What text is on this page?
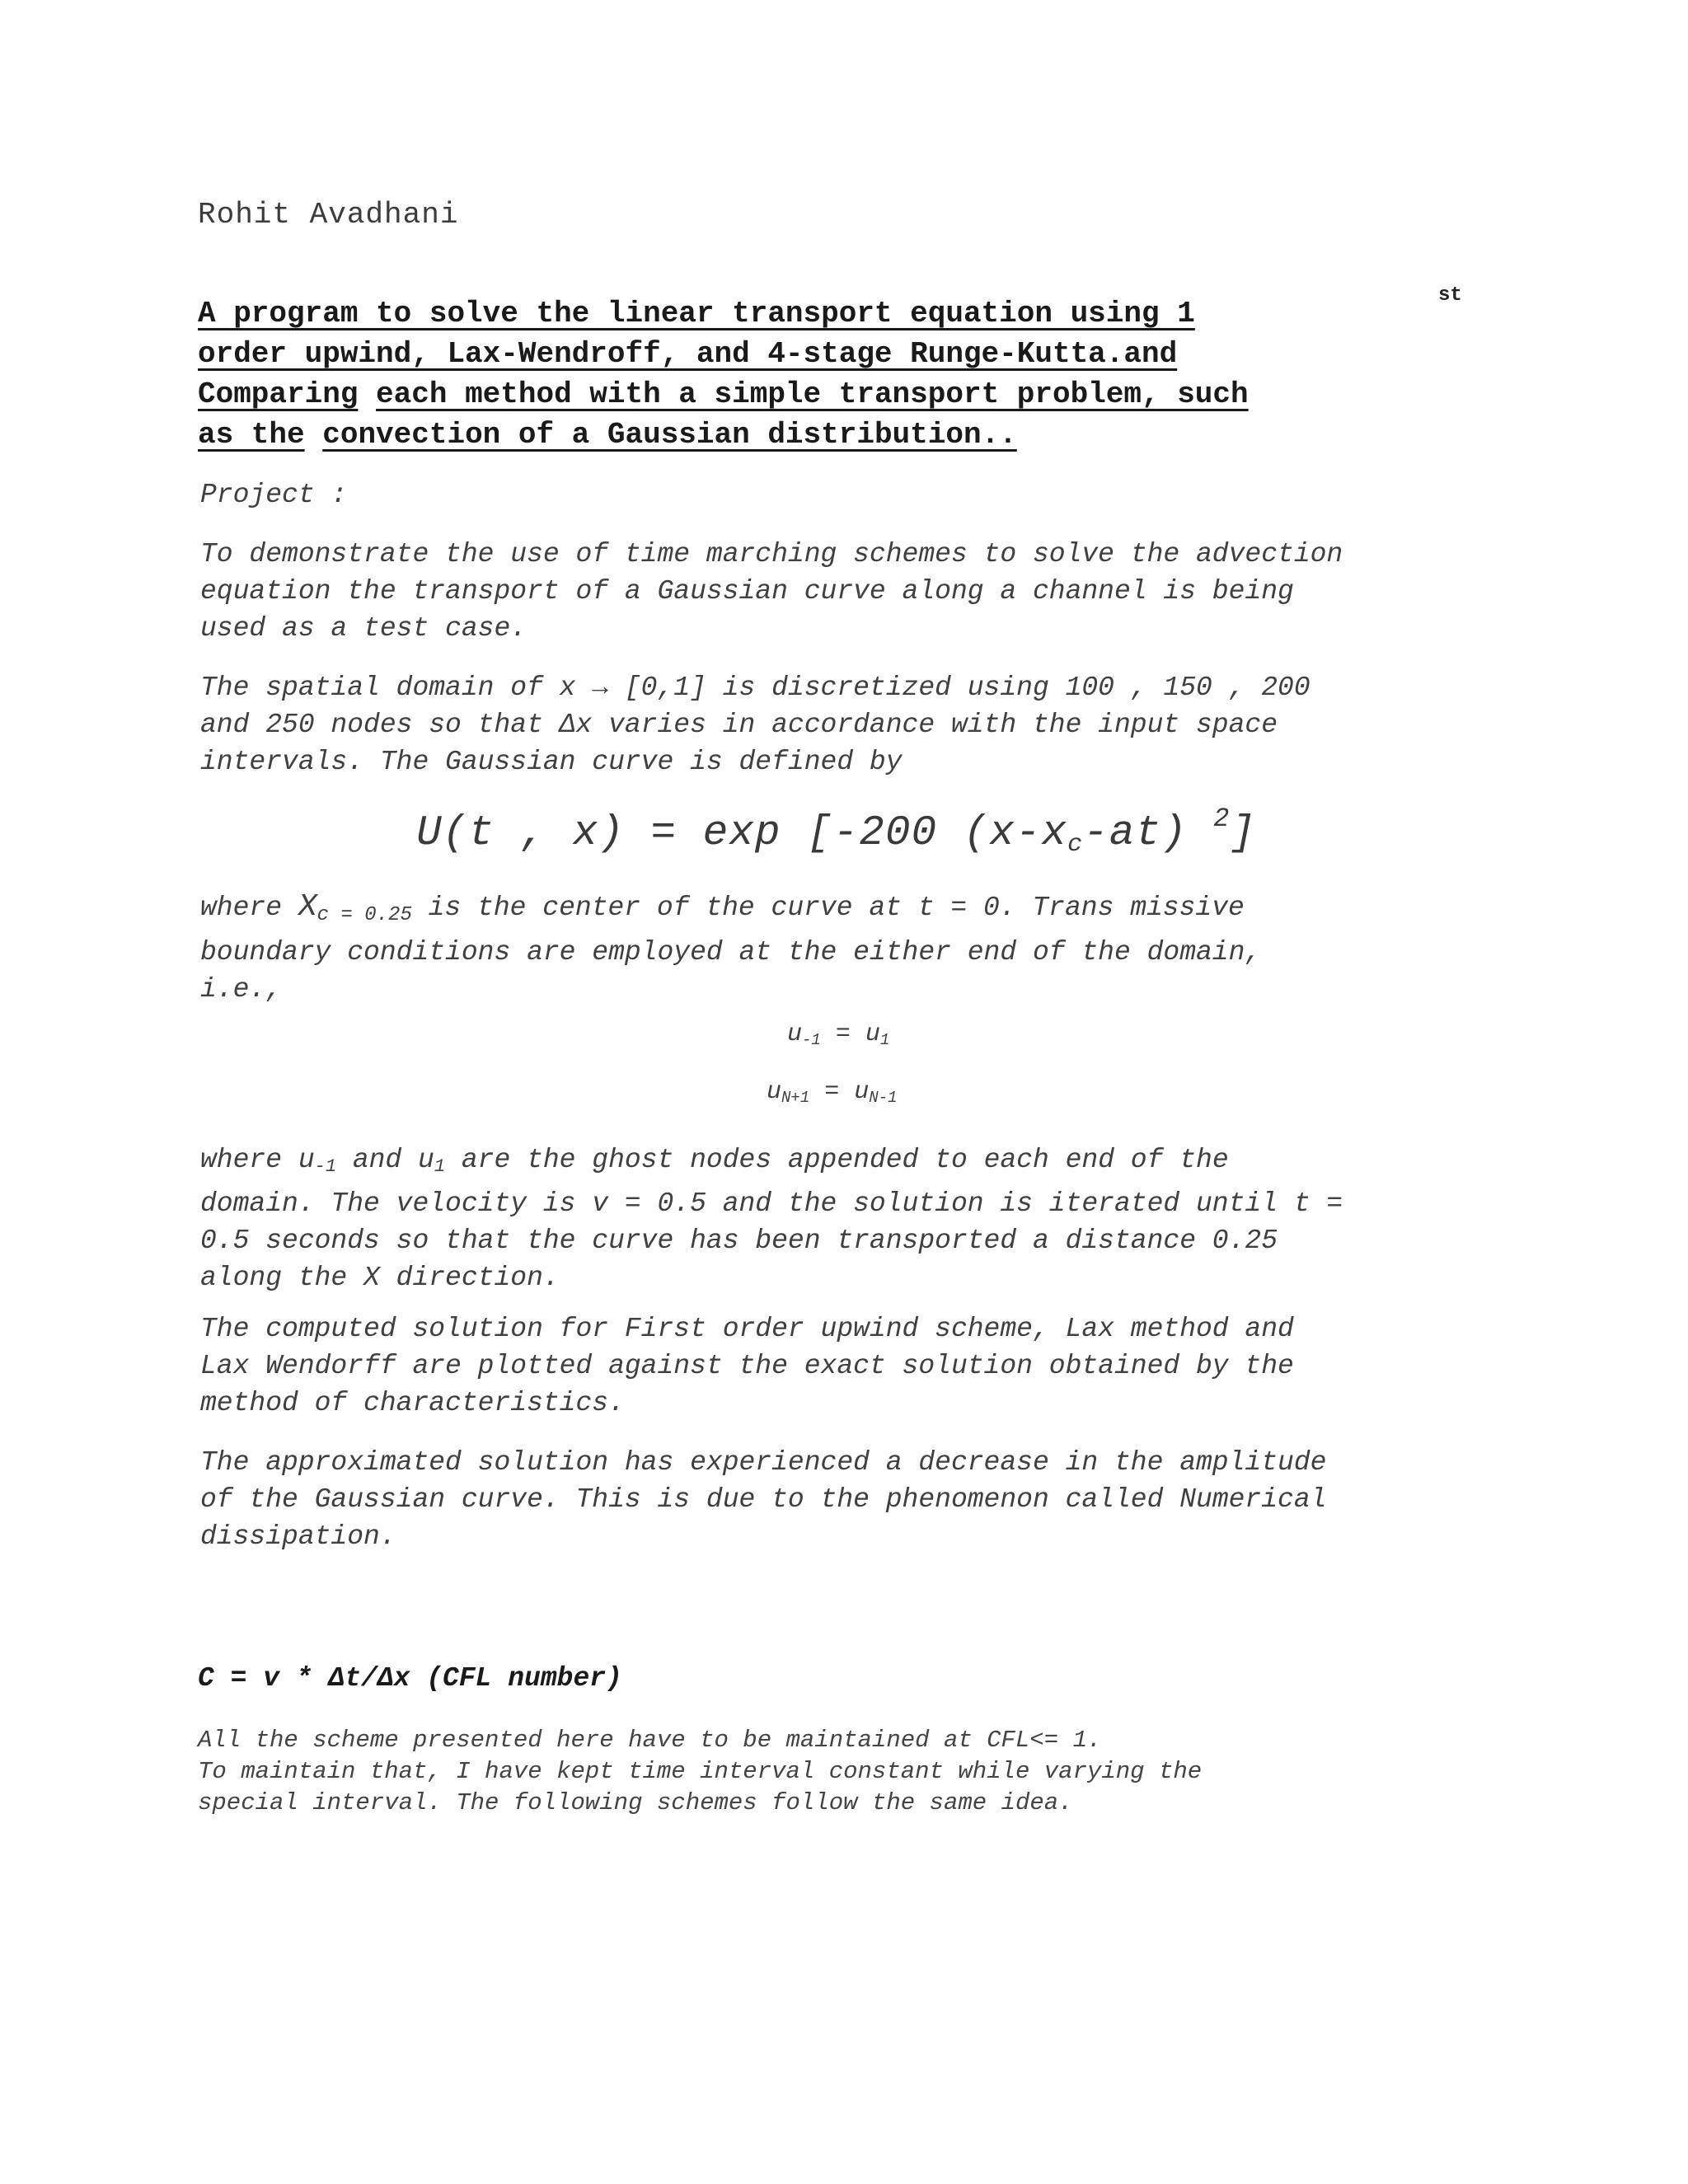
Rohit Avadhani
st
A program to solve the linear transport equation using 1
order upwind, Lax-Wendroff, and 4-stage Runge-Kutta.and
Comparing each method with a simple transport problem, such
as the convection of a Gaussian distribution..
Project :
To demonstrate the use of time marching schemes to solve the advection
equation the transport of a Gaussian curve along a channel is being
used as a test case.
The spatial domain of x → [0,1] is discretized using 100 , 150 , 200
and 250 nodes so that Δx varies in accordance with the input space
intervals. The Gaussian curve is defined by
U(t , x) = exp [-200 $(x-x_c-at)$ $^2$]
where $X_{c = 0.25}$ is the center of the curve at t = 0. Trans missive
boundary conditions are employed at the either end of the domain,
i.e.,
$u_{-1} = u_1$
$u_{N+1} = u_{N-1}$
where $u_{-1}$ and $u_1$ are the ghost nodes appended to each end of the
domain. The velocity is v = 0.5 and the solution is iterated until t =
0.5 seconds so that the curve has been transported a distance 0.25
along the X direction.
The computed solution for First order upwind scheme, Lax method and
Lax Wendorff are plotted against the exact solution obtained by the
method of characteristics.
The approximated solution has experienced a decrease in the amplitude
of the Gaussian curve. This is due to the phenomenon called Numerical
dissipation.
C = v * Δt/Δx (CFL number)
All the scheme presented here have to be maintained at CFL<= 1.
To maintain that, I have kept time interval constant while varying the
special interval. The following schemes follow the same idea.
